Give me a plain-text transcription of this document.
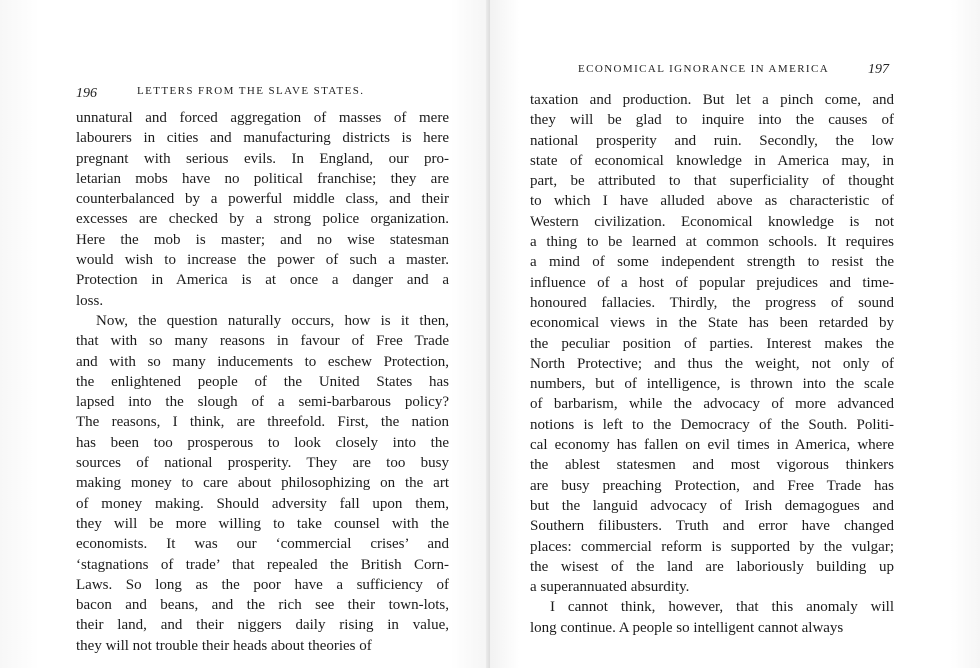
196	LETTERS FROM THE SLAVE STATES.
unnatural and forced aggregation of masses of mere
labourers in cities and manufacturing districts is here
pregnant with serious evils. In England, our pro-
letarian mobs have no political franchise; they are
counterbalanced by a powerful middle class, and their
excesses are checked by a strong police organization.
Here the mob is master; and no wise statesman
would wish to increase the power of such a master.
Protection in America is at once a danger and a
loss.
Now, the question naturally occurs, how is it then,
that with so many reasons in favour of Free Trade
and with so many inducements to eschew Protection,
the enlightened people of the United States has
lapsed into the slough of a semi-barbarous policy?
The reasons, I think, are threefold. First, the nation
has been too prosperous to look closely into the
sources of national prosperity. They are too busy
making money to care about philosophizing on the art
of money making. Should adversity fall upon them,
they will be more willing to take counsel with the
economists. It was our ‘commercial crises’ and
‘stagnations of trade’ that repealed the British Corn-
Laws. So long as the poor have a sufficiency of
bacon and beans, and the rich see their town-lots,
their land, and their niggers daily rising in value,
they will not trouble their heads about theories of
ECONOMICAL IGNORANCE IN AMERICA	197
taxation and production. But let a pinch come, and
they will be glad to inquire into the causes of
national prosperity and ruin. Secondly, the low
state of economical knowledge in America may, in
part, be attributed to that superficiality of thought
to which I have alluded above as characteristic of
Western civilization. Economical knowledge is not
a thing to be learned at common schools. It requires
a mind of some independent strength to resist the
influence of a host of popular prejudices and time-
honoured fallacies. Thirdly, the progress of sound
economical views in the State has been retarded by
the peculiar position of parties. Interest makes the
North Protective; and thus the weight, not only of
numbers, but of intelligence, is thrown into the scale
of barbarism, while the advocacy of more advanced
notions is left to the Democracy of the South. Politi-
cal economy has fallen on evil times in America, where
the ablest statesmen and most vigorous thinkers
are busy preaching Protection, and Free Trade has
but the languid advocacy of Irish demagogues and
Southern filibusters. Truth and error have changed
places: commercial reform is supported by the vulgar;
the wisest of the land are laboriously building up
a superannuated absurdity.
I cannot think, however, that this anomaly will
long continue. A people so intelligent cannot always
